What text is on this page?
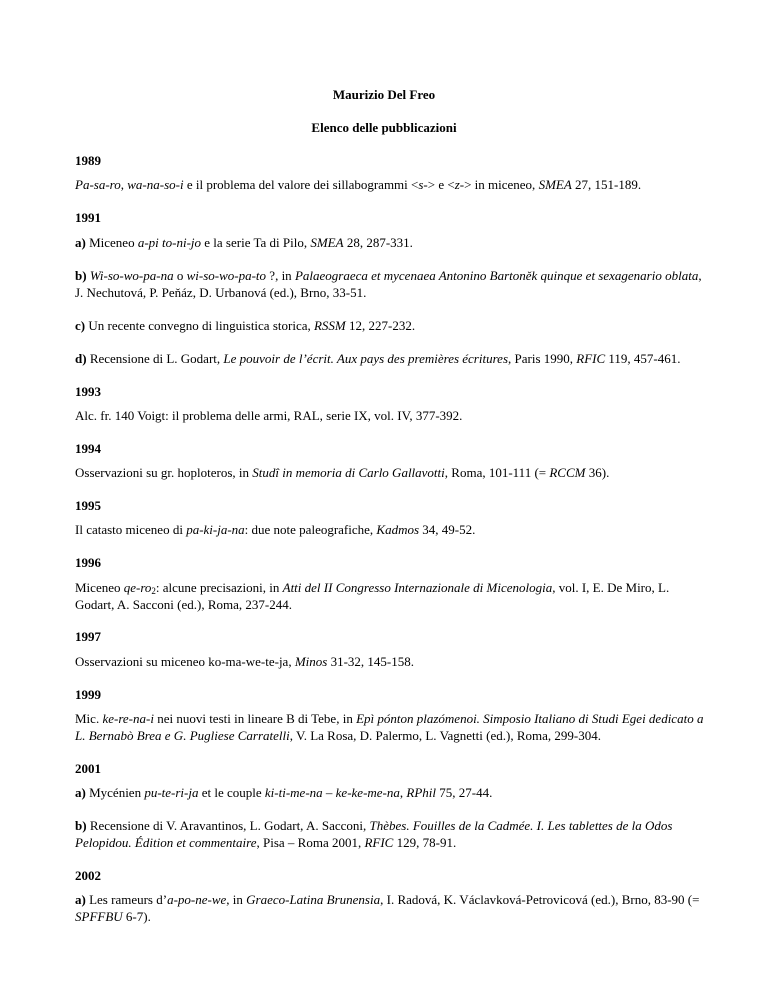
Maurizio Del Freo

Elenco delle pubblicazioni

1989

Pa-sa-ro, wa-na-so-i e il problema del valore dei sillabogrammi <s-> e <z-> in miceneo, SMEA 27, 151-189.

1991

a) Miceneo a-pi to-ni-jo e la serie Ta di Pilo, SMEA 28, 287-331.

b) Wi-so-wo-pa-na o wi-so-wo-pa-to ?, in Palaeograeca et mycenaea Antonino Bartoněk quinque et sexagenario oblata, J. Nechutová, P. Peňáz, D. Urbanová (ed.), Brno, 33-51.

c) Un recente convegno di linguistica storica, RSSM 12, 227-232.

d) Recensione di L. Godart, Le pouvoir de l’écrit. Aux pays des premières écritures, Paris 1990, RFIC 119, 457-461.

1993

Alc. fr. 140 Voigt: il problema delle armi, RAL, serie IX, vol. IV, 377-392.

1994

Osservazioni su gr. hoploteros, in Studî in memoria di Carlo Gallavotti, Roma, 101-111 (= RCCM 36).

1995

Il catasto miceneo di pa-ki-ja-na: due note paleografiche, Kadmos 34, 49-52.

1996

Miceneo $qe-ro_2$: alcune precisazioni, in Atti del II Congresso Internazionale di Micenologia, vol. I, E. De Miro, L. Godart, A. Sacconi (ed.), Roma, 237-244.

1997

Osservazioni su miceneo ko-ma-we-te-ja, Minos 31-32, 145-158.

1999

Mic. ke-re-na-i nei nuovi testi in lineare B di Tebe, in Epì pónton plazómenoi. Simposio Italiano di Studi Egei dedicato a L. Bernabò Brea e G. Pugliese Carratelli, V. La Rosa, D. Palermo, L. Vagnetti (ed.), Roma, 299-304.

2001

a) Mycénien pu-te-ri-ja et le couple ki-ti-me-na – ke-ke-me-na, RPhil 75, 27-44.

b) Recensione di V. Aravantinos, L. Godart, A. Sacconi, Thèbes. Fouilles de la Cadmée. I. Les tablettes de la Odos Pelopidou. Édition et commentaire, Pisa – Roma 2001, RFIC 129, 78-91.

2002

a) Les rameurs d’a-po-ne-we, in Graeco-Latina Brunensia, I. Radová, K. Václavková-Petrovicová (ed.), Brno, 83-90 (= SPFFBU 6-7).
